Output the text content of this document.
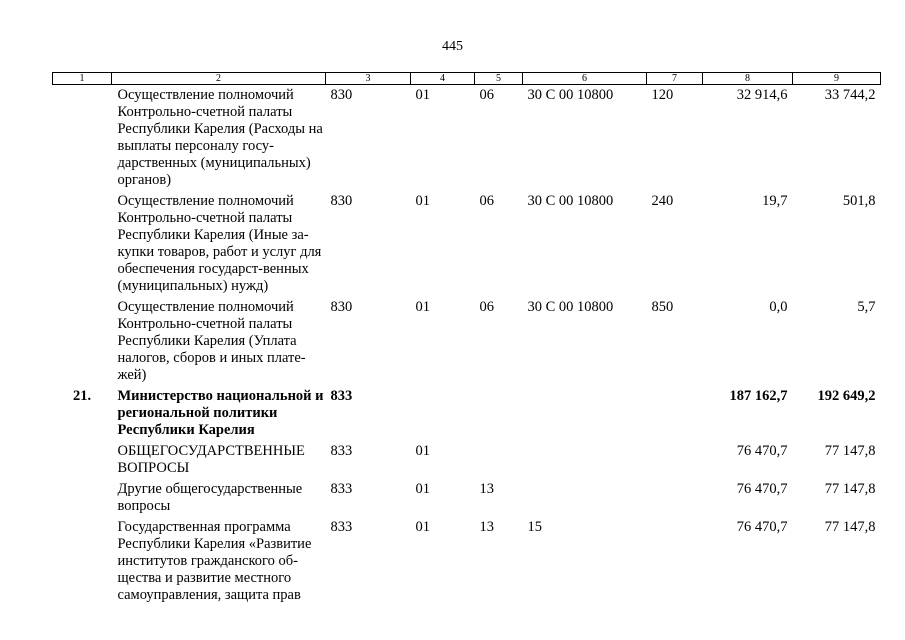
445
1	2	3	4	5	6	7	8	9
	Осуществление полномочий Контрольно-счетной палаты Республики Карелия (Расходы на выплаты персоналу госу-дарственных (муниципальных) органов)	830	01	06	30 С 00 10800	120	32 914,6	33 744,2
	Осуществление полномочий Контрольно-счетной палаты Республики Карелия (Иные за-купки товаров, работ и услуг для обеспечения государст-венных (муниципальных) нужд)	830	01	06	30 С 00 10800	240	19,7	501,8
	Осуществление полномочий Контрольно-счетной палаты Республики Карелия (Уплата налогов, сборов и иных плате-жей)	830	01	06	30 С 00 10800	850	0,0	5,7
21.	Министерство национальной и региональной политики Республики Карелия	833					187 162,7	192 649,2
	ОБЩЕГОСУДАРСТВЕННЫЕ ВОПРОСЫ	833	01				76 470,7	77 147,8
	Другие общегосударственные вопросы	833	01	13			76 470,7	77 147,8
	Государственная программа Республики Карелия «Развитие институтов гражданского об-щества и развитие местного самоуправления, защита прав	833	01	13	15		76 470,7	77 147,8
